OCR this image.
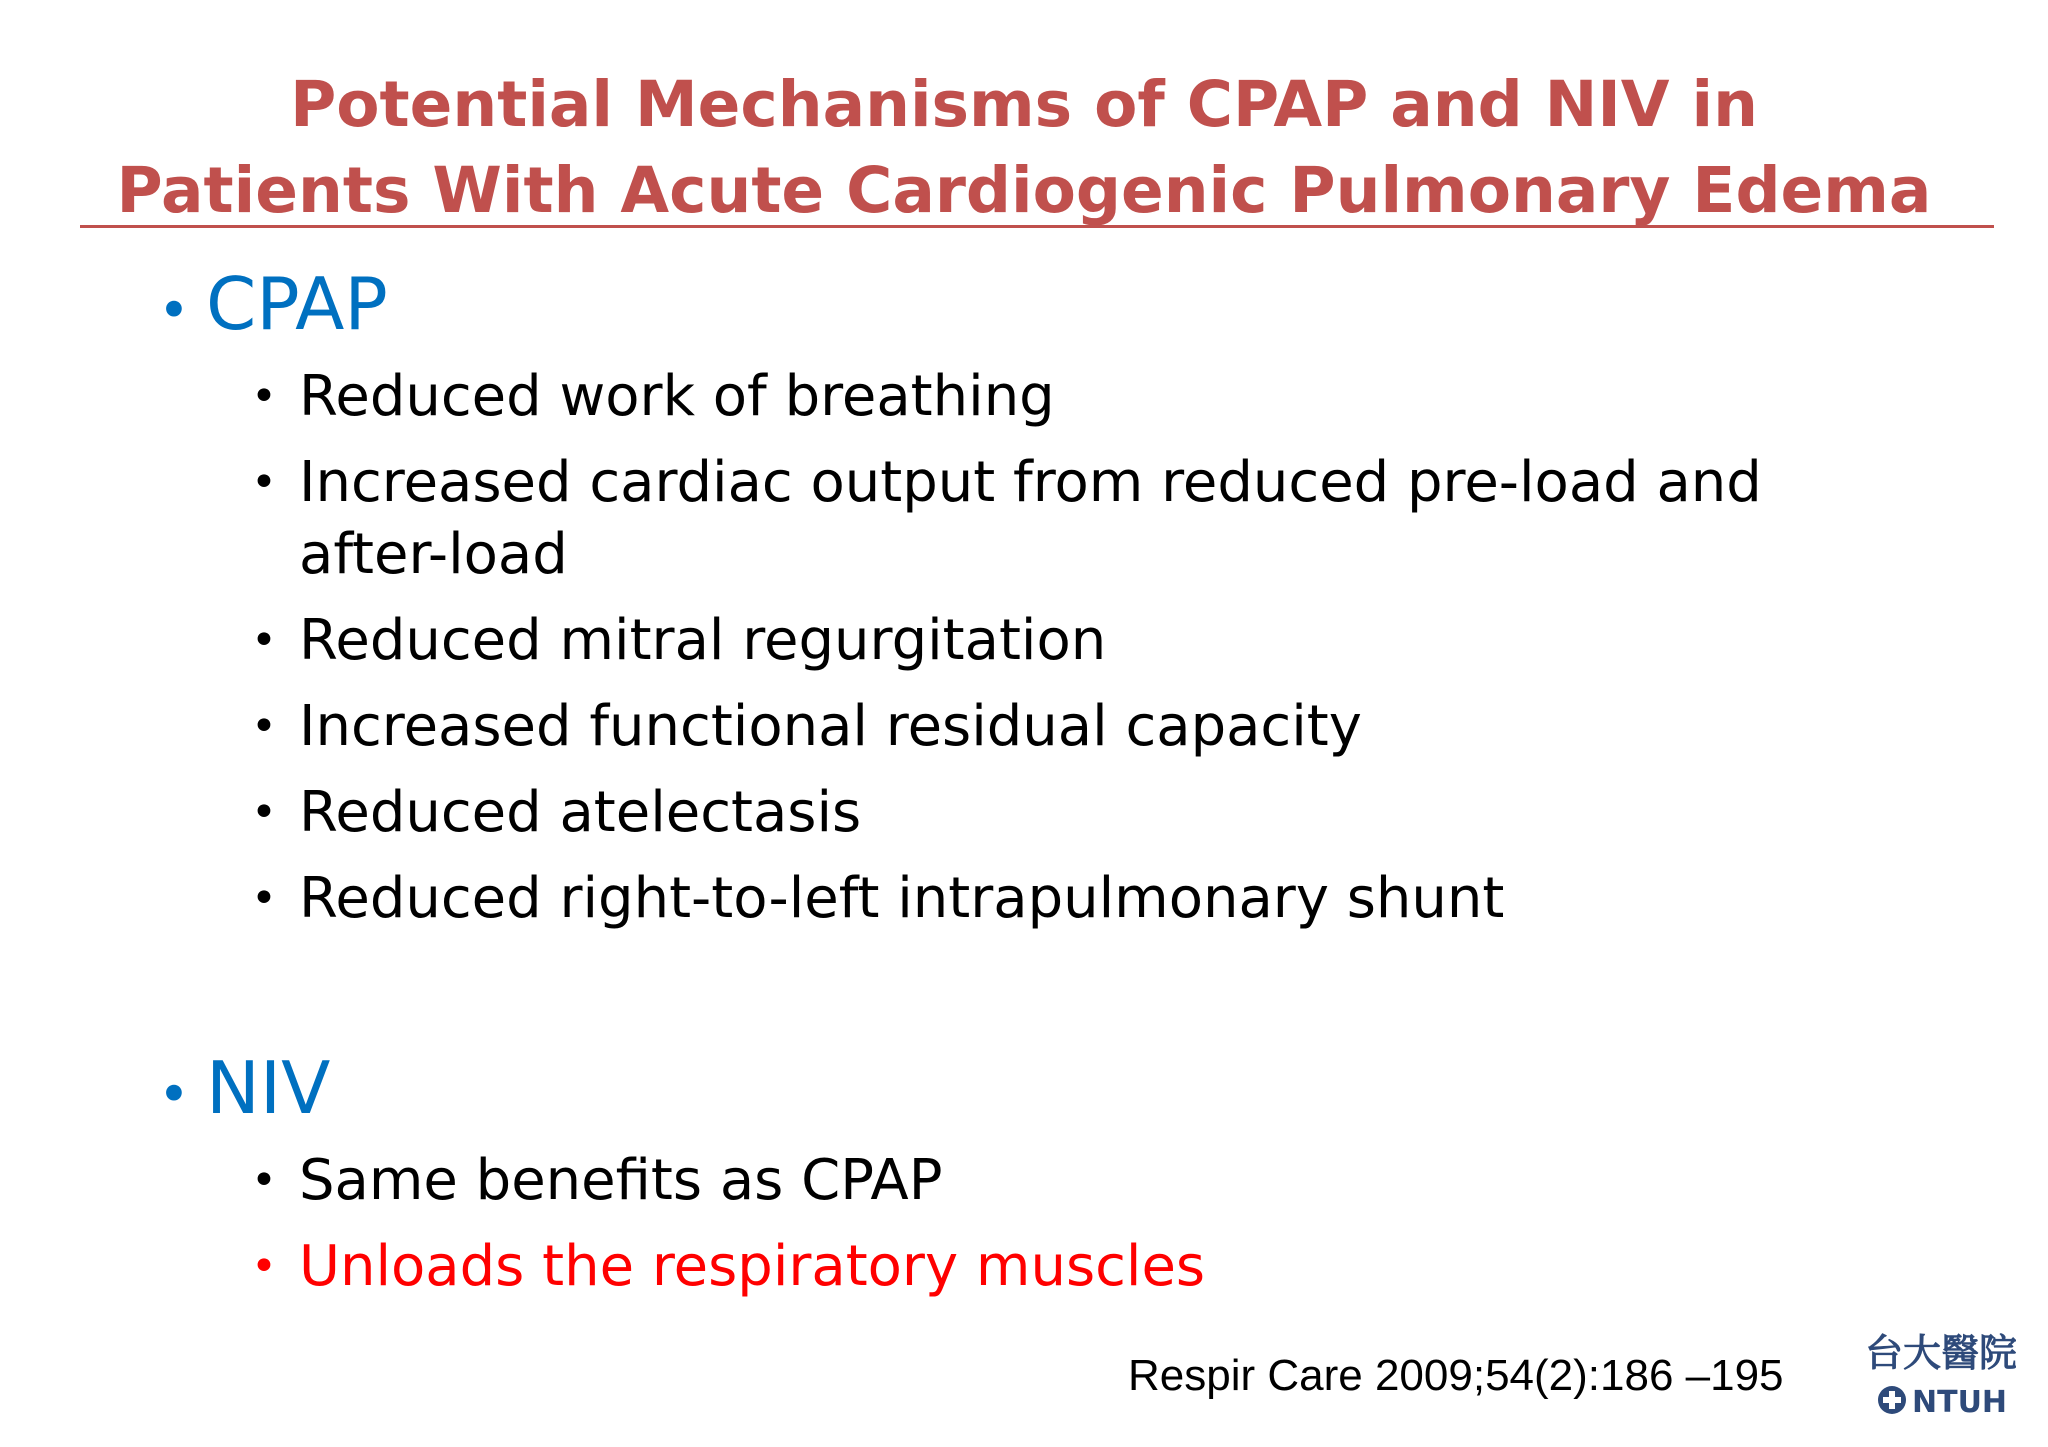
Potential Mechanisms of CPAP and NIV in
Patients With Acute Cardiogenic Pulmonary Edema
• CPAP
• Reduced work of breathing
• Increased cardiac output from reduced pre-load and after-load
• Reduced mitral regurgitation
• Increased functional residual capacity
• Reduced atelectasis
• Reduced right-to-left intrapulmonary shunt
• NIV
• Same benefits as CPAP
• Unloads the respiratory muscles
Respir Care 2009;54(2):186 –195	台大醫院
NTUH
